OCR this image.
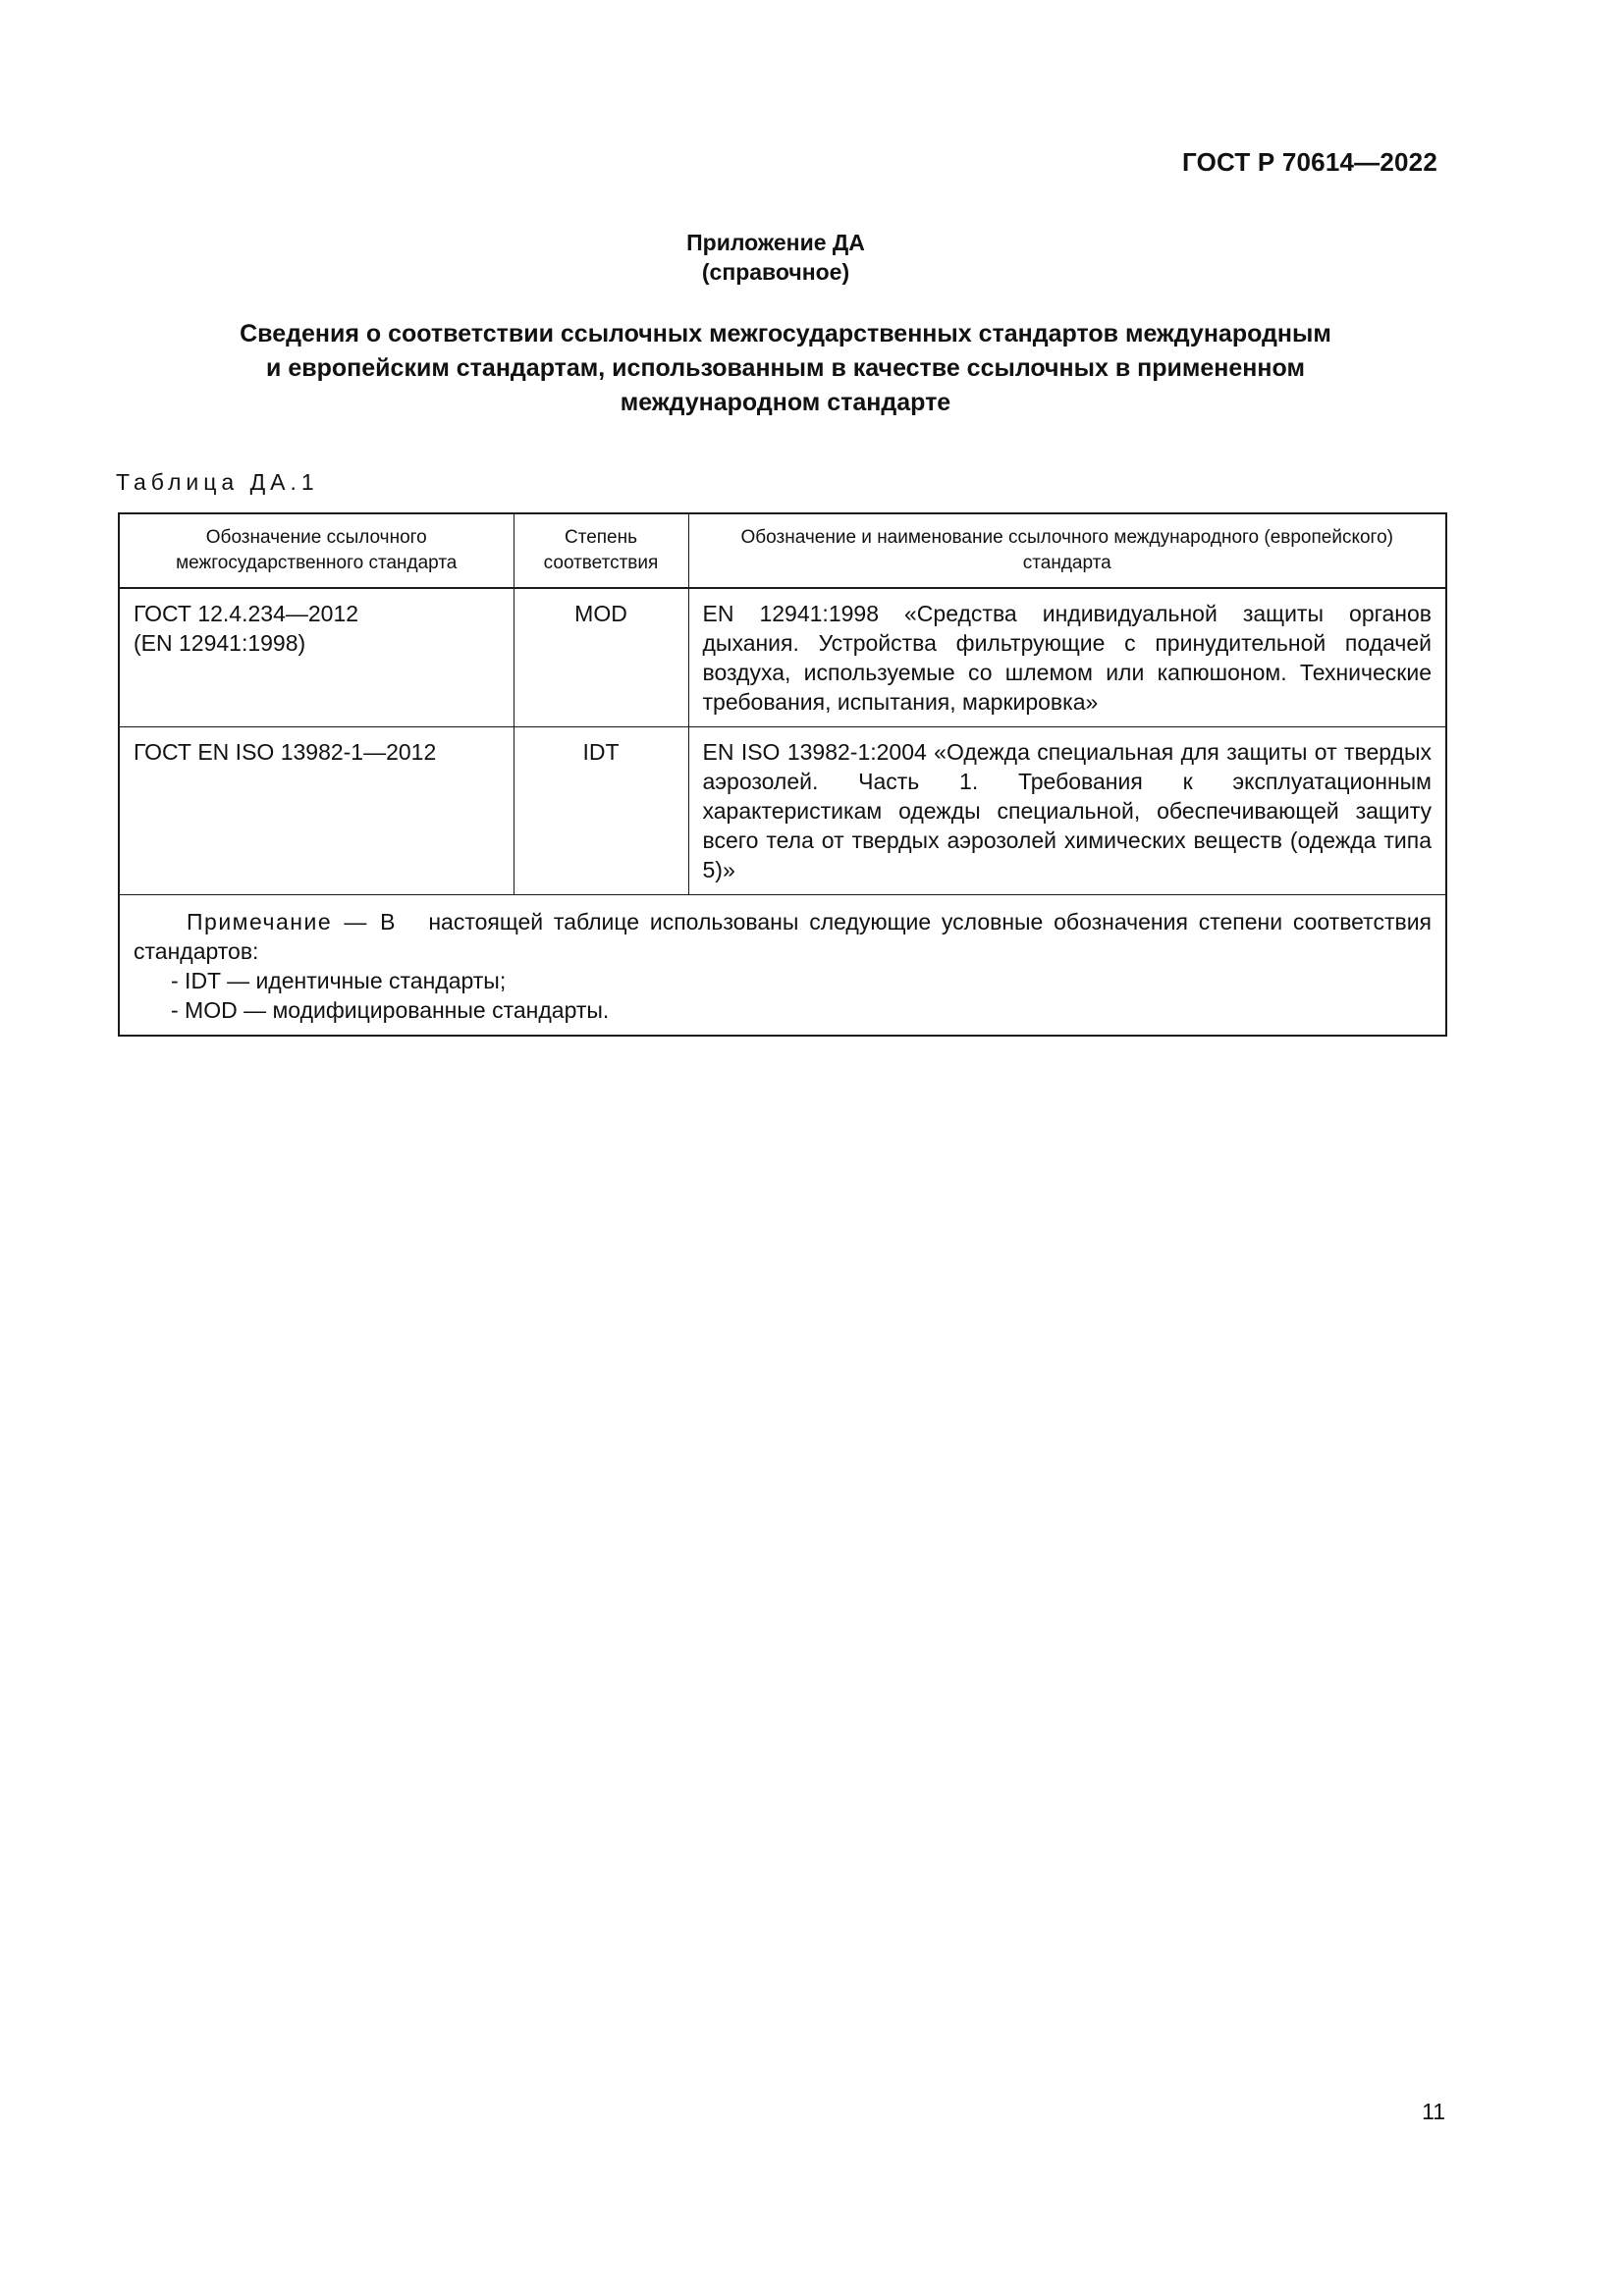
ГОСТ Р 70614—2022
Приложение ДА
(справочное)
Сведения о соответствии ссылочных межгосударственных стандартов международным
и европейским стандартам, использованным в качестве ссылочных в примененном
международном стандарте
Таблица ДА.1
Обозначение ссылочного межгосударственного стандарта	Степень соответствия	Обозначение и наименование ссылочного международного (европейского) стандарта

ГОСТ 12.4.234—2012
(EN 12941:1998)	MOD	EN 12941:1998 «Средства индивидуальной защиты органов дыхания. Устройства фильтрующие с принудительной подачей воздуха, используемые со шлемом или капюшоном. Технические требования, испытания, маркировка»

ГОСТ EN ISO 13982-1—2012	IDT	EN ISO 13982-1:2004 «Одежда специальная для защиты от твердых аэрозолей. Часть 1. Требования к эксплуатационным характеристикам одежды специальной, обеспечивающей защиту всего тела от твердых аэрозолей химических веществ (одежда типа 5)»

Примечание — В настоящей таблице использованы следующие условные обозначения степени соответствия стандартов:
- IDT — идентичные стандарты;
- MOD — модифицированные стандарты.		
11
